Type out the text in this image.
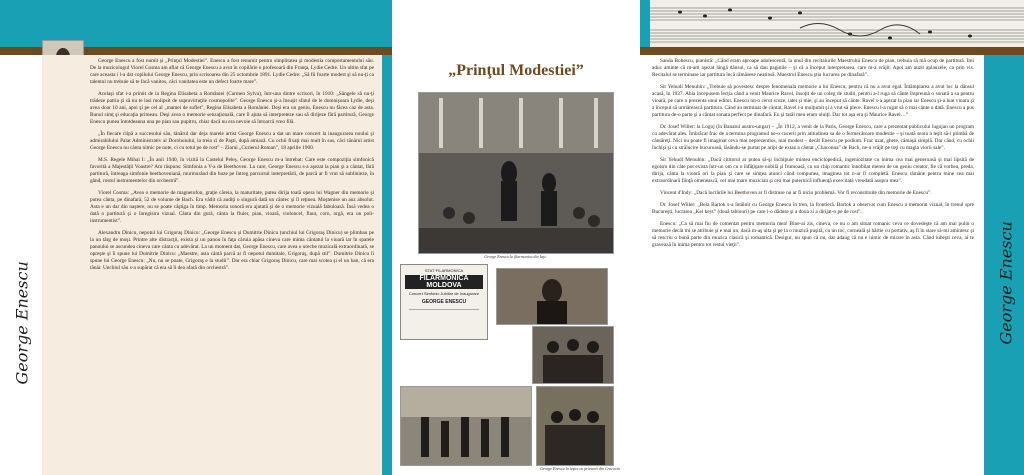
George Enescu

George Enescu a fost numit şi „Prinţul Modestiei”. Enescu a fost renumit pentru simplitatea şi modestia comportamentului său. De la muzicologul Viorel Cosma am aflat că George Enescu a avut în copilărie o profesoară din Franţa, Lydie Cedre. Un ultim sfat pe care aceasta i l-a dat copilului George Enescu, prin scrisoarea din 25 octombrie 1891. Lydie Cedre: „Să fii foarte modest şi să nu-ţi ca talentul nu trebuie să te facă vanitos, căci vanitatea este un defect foarte mare”.

Acelaşi sfat i-a primit de la Regina Elisabeta a României (Carmen Sylva), într-una dintre scrisori, în 1910: „Sângele să nu-ţi trădeze patria şi să nu te lasi molipsit de supravirtuţile cosmopolite”. George Enescu şi-a însuşit sfatul de le domnişoara Lydie, deşi avea doar 10 ani, apoi şi pe cel al „mamei de suflet”, Regina Elisabeta a României. Deşi era un geniu, Enescu nu făcea caz de asta. Bunul simţ şi educaţia primeau. Deşi avea o memorie senzaţională, care îl ajuta să interpreteze sau să dirijeze fără partitură, George Enescu punea întotdeauna una pe pian sau pupitru, chiar dacă nu era nevoie să întoarcă vreo filă.

„În fiecare clipă a succesului său, tânărul dar deja marele artist George Enescu a dat un mare concert la inaugurarea noului şi admirabilului Palat Administrativ al Dorohoiului, la treia zi de Paşti, după amiază. Cu ochii fixaţi mai mult în sus, căci tânărul artist George Enescu nu cânta nimic pe note, ci cu totul pe de rost” – Ziarul „Curierul Roman”, 18 aprilie 1900.

M.S. Regele Mihai I: „În anii 1940, în vizită la Castelul Peleş, George Enescu m-a întrebat: Care este compoziţia simfonică favorită a Majestăţii Voastre? Am răspuns: Simfonia a V-a de Beethoven. La care, George Enescu s-a aşezat la pian şi a cântat, fără partitură, întreaga simfonie beethoveniană, murmurând din buze pe întreg parcursul interpretării, de parcă ar fi vrut să sublinieze, în gând, rostul instrumentelor din orchestră”.

Viorel Cosma: „Avea o memorie de magnetofon, graţie căreia, la maturitate, putea dirija toată opera lui Wagner din memorie şi putea cânta, pe dinafară, 52 de volume de Bach. Era vădit că audiţi o singură dată un cântec şi îl reţinea. Moştenise un auz absolut. Asta e un dar din naştere, nu se poate câştiga în timp. Memoria sonoră era ajutată şi de o memorie vizuală fabuloasă. Însă vedea o dată o partitură şi o înregistra vizual. Cânta din gură, cânta la fluier, pian, vioară, violoncel, flaut, corn, orgă, era un poli-instrumentist”.

Alexandru Dinicu, nepotul lui Grigoraş Dinicu: „George Enescu şi Dumitrie Dinicu (unchiul lui Grigoraş Dinicu) se plimbau pe la un târg de moşi. Printre alte distracţii, exista şi un panou în faţa căruia apăsa cineva care mima cântatul la vioară iar în spatele panoului se ascundea cineva care cânta cu adevărat. La un moment dat, George Enescu, care avea o ureche muzicală extraordinară, se opreşte şi îi spune lui Dumitrie Dinicu: „Maestre, asta cântă parcă ar fi nepotul dumitale, Grigoraş, după stil”. Dumitrie Dinicu îi spune lui George Enescu: „Nu, nu se poate, Grigoraş e la studii”. Dar era chiar Grigoraş Dinicu, care mai scotea şi el un ban, că era tânăr. Unchiul său s-a supărat că era să îl dea afară din orchestră”.

„Prinţul Modestiei”
George Enescu la filarmonica din Iaşi
STAT·FILARMONICA
FILARMONICA MOLDOVA
Concert Simfonic Jubiliar de Inaugurare
GEORGE ENESCU
George Enescu la ieşire cu prietenii din Cracovia

Sanda Bobescu, pianistă: „Când eram aproape adolescentă, la unul din recitalurile Maestrului Enescu de pian, trebuia să mă ocup de partitură. Îmi aduc aminte că m-am aşezat lângă dânsul, ca să dau paginile – şi că a început interpretarea, care m-a vrăjit. Apoi am auzit aplauzele, ca prin vis. Recitalul se terminase iar partitura încă rămăsese neatinsă. Maestrul Enescu ştia lucrarea pe dinafară”.

Sir Yehudi Menuhin: „Trebuie să povestesc despre fenomenala memorie a lui Enescu, pentru că nu a avut egal. Întâmplarea a avut loc la dânsul acasă, în 1937. Abia începusem lecţia când a venit Maurice Ravel, însoţit de un coleg de studii, pentru a-l ruga să cânte împreună o sonată a sa pentru vioară, pe care o prezenta unui editor. Enescu nu-o cerut scuze, iatei şi mie, şi au început să cânte. Ravel s-a aşezat la pian iar Enescu şi-a luat vioara şi a început să urmărească partitura. Când au terminat de cântat, Ravel i-a mulţumit şi a vrut să plece. Enescu l-a rugat să o mai cânte o dată. Enescu a pus partitura de-o parte şi a cântat sonata perfect pe dinafară. Eu şi tatăl meu eram uluiţi. Dar tot aşa era şi Maurice Ravel…”

Dr. Josef Willer: la Logoj (în Banatul austro-ungar) – „În 1912, a venit de la Paris, George Enescu, care a prezentat publicului lugojan un program cu adevărat ales. Îmbrăcat frac de a termina programul ne-o cucerit prin atitudinea sa de o fermecătoare modestie – şi toată seara a ieşit să-i plimbă de cântăreţi. Nici nu poate fi imaginat ceva mai neprezentios, mai modest – decât Enescu pe podium. Frac uzat, ghete, cămaşă simplă. Dar când, cu ochii închişi şi cu strălucire bucuroasă, lăsându-se purtat pe aripi de extaz a cântat „Chaconna” de Bach, ne-a vrăjit pe toţi cu magia viorii sale”.

Sir Yehudi Menuhin: „Dacă cititorul ar putea să-şi închipuie mintea enciclopedică, ingeniozitate cu inima cea mai generoasă şi mai lipsită de egoism din câte pot exista într-un om cu o înfăţişare nobilă şi frumoasă, cu un chip romantic înnobilat mereu de un geniu creator, fie că vorbea, preda, dirija, cânta la vioară ori la pian şi care se simţea atunci când compunea, imaginea tot n-ar fi completă. Enescu rămâne pentru mine cea mai extraordinară fiinţă omenească, cel mai mare muzician şi cea mai puternică influenţă exercitată vreodată asupra mea”.

Vincent d'Indy: „Dacă lucrările lui Beethoven ar fi distruse nu ar fi nicio problemă. Vor fi reconstituite din memorie de Enescu”.

Dr. Josef Willer: „Bela Bartok s-a întâlnit cu George Enescu în tren, la frontieră. Bartok a observat cum Enescu a memorat vizual, în trenul spre Bucureşti, lucrarea „Kei keyt” (două tablouri) pe care i-o dăduse şi a doua zi a dirijat-o pe de rost”.

Enescu: „Ca să mai fiu de comentat pentru memoria mea! Bine-ai zis, cineva, ce nu o am situat romanic ceva ce dovedeşte că am mai pulin o memorie decât mi se atribuie şi e mai un, dacă m-aş uita şi pe la o muzică puşită, cu un toc, corneală şi hârtie cu portativ, aş fi în stare să-mi amintesc şi să rescriu o bună parte din muzica clasică şi romantică. Desigur, nu spun că nu, dar adaug că nu e nimic de mirare în asta. Când iubeşti ceva, ai te gravează în inima pentru tot restul vieţii”.	George Enescu
